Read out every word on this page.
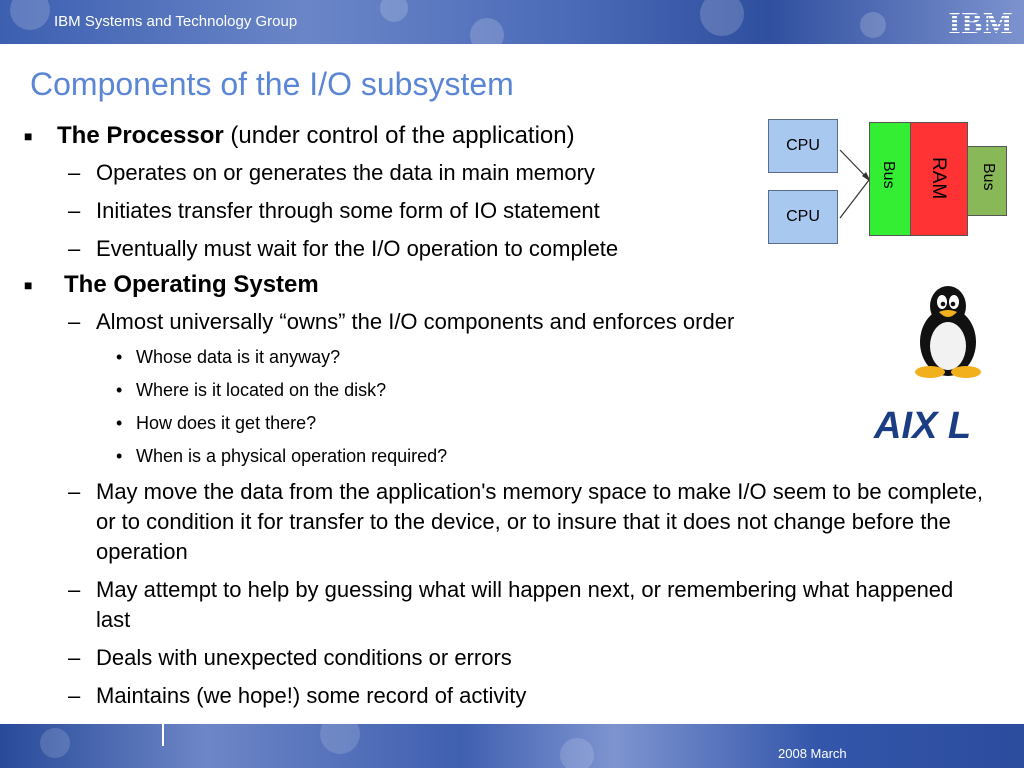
IBM Systems and Technology Group	IBM
Components of the I/O subsystem
■ The Processor (under control of the application)
– Operates on or generates the data in main memory
– Initiates transfer through some form of IO statement
– Eventually must wait for the I/O operation to complete
■ The Operating System
– Almost universally “owns” the I/O components and enforces order
• Whose data is it anyway?
• Where is it located on the disk?
• How does it get there?
• When is a physical operation required?
– May move the data from the application's memory space to make I/O seem to be complete, or to condition it for transfer to the device, or to insure that it does not change before the operation
– May attempt to help by guessing what will happen next, or remembering what happened last
– Deals with unexpected conditions or errors
– Maintains (we hope!) some record of activity
CPU
CPU
Bus
RAM
Bus
AIX L
2008 March
